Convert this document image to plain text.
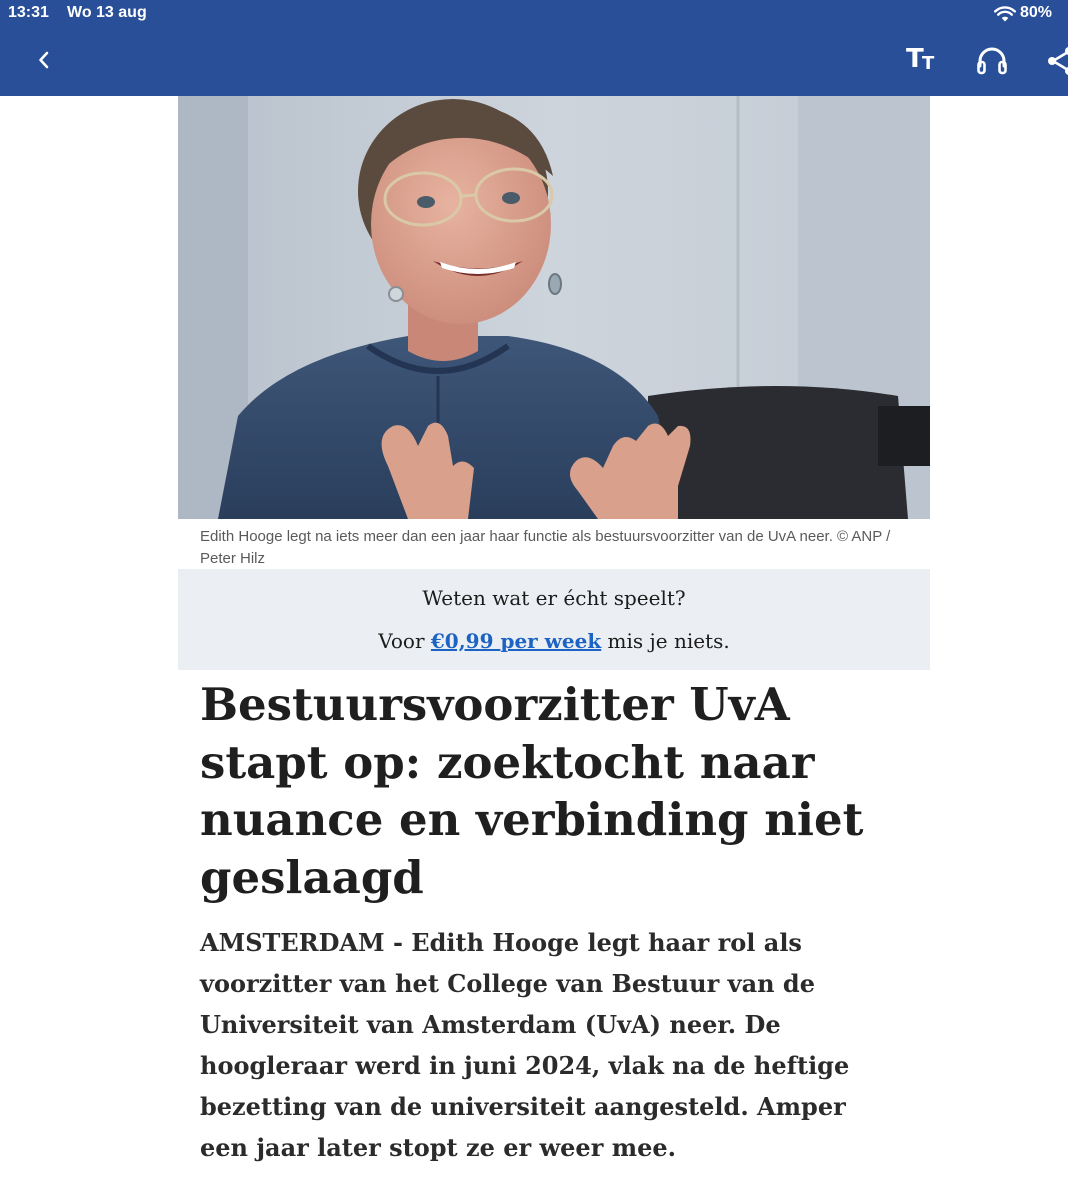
13:31 Wo 13 aug	80%
T
T
Edith Hooge legt na iets meer dan een jaar haar functie als bestuursvoorzitter van de UvA neer. © ANP / Peter Hilz
Weten wat er écht speelt?
Voor €0,99 per week mis je niets.
Bestuursvoorzitter UvA stapt op: zoektocht naar nuance en verbinding niet geslaagd

AMSTERDAM - Edith Hooge legt haar rol als voorzitter van het College van Bestuur van de Universiteit van Amsterdam (UvA) neer. De hoogleraar werd in juni 2024, vlak na de heftige bezetting van de universiteit aangesteld. Amper een jaar later stopt ze er weer mee.
